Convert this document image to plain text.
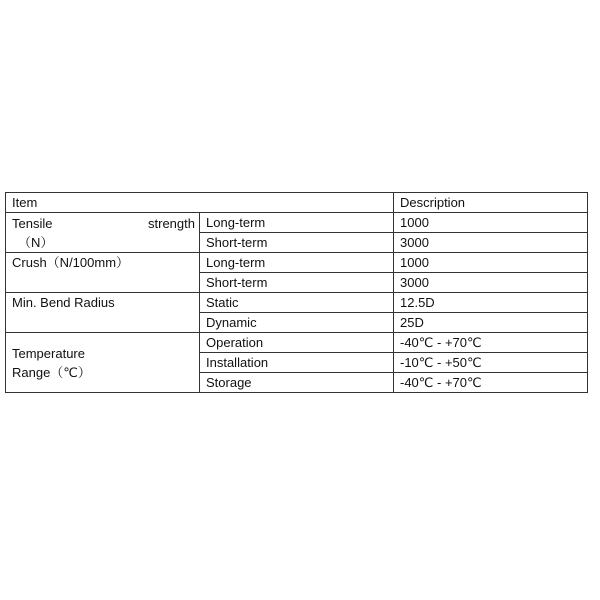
Item		Description

Tensile strength
（N）	Long-term	1000
	Short-term	3000
Crush（N/100mm）	Long-term	1000
	Short-term	3000
Min. Bend Radius	Static	12.5D
	Dynamic	25D

Temperature
Range（℃）	Operation	-40℃ - +70℃
	Installation	-10℃ - +50℃
	Storage	-40℃ - +70℃
